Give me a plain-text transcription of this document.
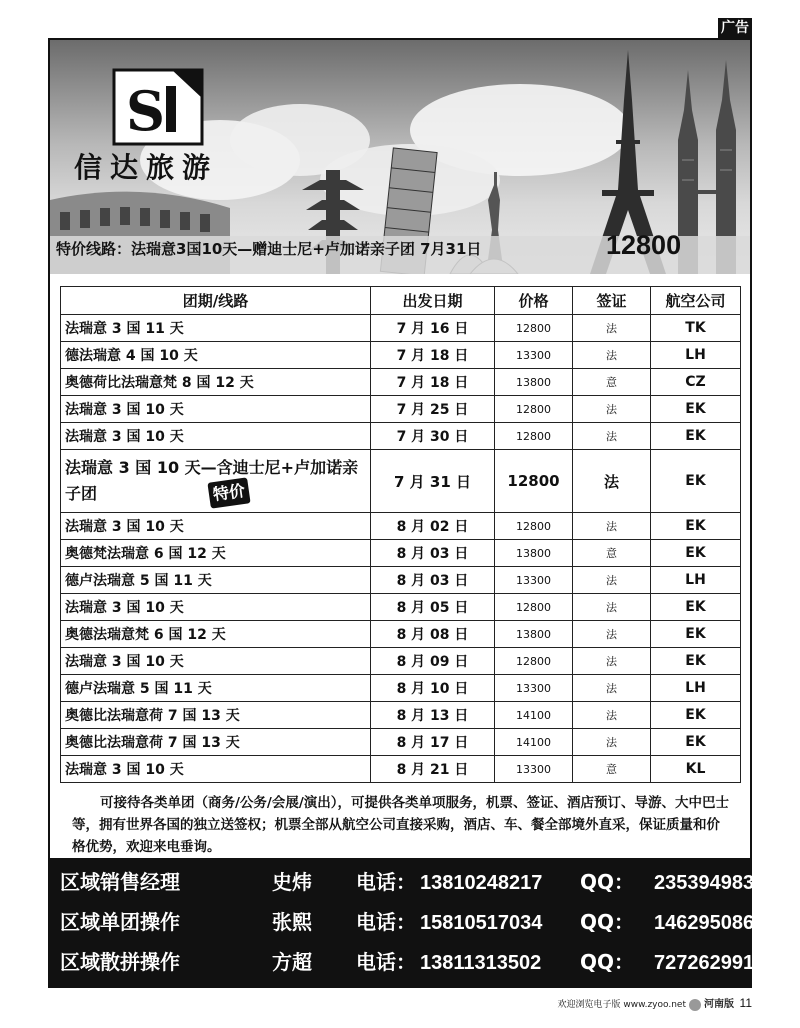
广告
S
信达旅游
特价线路：法瑞意3国10天—赠迪士尼+卢加诺亲子团 7月31日	12800
团期/线路	出发日期	价格	签证	航空公司
法瑞意 3 国 11 天	7 月 16 日	12800	法	TK
德法瑞意 4 国 10 天	7 月 18 日	13300	法	LH
奥德荷比法瑞意梵 8 国 12 天	7 月 18 日	13800	意	CZ
法瑞意 3 国 10 天	7 月 25 日	12800	法	EK
法瑞意 3 国 10 天	7 月 30 日	12800	法	EK
法瑞意 3 国 10 天—含迪士尼+卢加诺亲子团 特价	7 月 31 日	12800	法	EK
法瑞意 3 国 10 天	8 月 02 日	12800	法	EK
奥德梵法瑞意 6 国 12 天	8 月 03 日	13800	意	EK
德卢法瑞意 5 国 11 天	8 月 03 日	13300	法	LH
法瑞意 3 国 10 天	8 月 05 日	12800	法	EK
奥德法瑞意梵 6 国 12 天	8 月 08 日	13800	法	EK
法瑞意 3 国 10 天	8 月 09 日	12800	法	EK
德卢法瑞意 5 国 11 天	8 月 10 日	13300	法	LH
奥德比法瑞意荷 7 国 13 天	8 月 13 日	14100	法	EK
奥德比法瑞意荷 7 国 13 天	8 月 17 日	14100	法	EK
法瑞意 3 国 10 天	8 月 21 日	13300	意	KL
可接待各类单团（商务/公务/会展/演出），可提供各类单项服务，机票、签证、酒店预订、导游、大中巴士等，拥有世界各国的独立送签权；机票全部从航空公司直接采购，酒店、车、餐全部境外直采，保证质量和价格优势，欢迎来电垂询。
区域销售经理	史炜 电话： 13810248217 QQ： 2353949836
区域单团操作	张熙 电话： 15810517034 QQ： 1462950867
区域散拼操作	方超 电话： 13811313502 QQ： 727262991
欢迎浏览电子版 www.zyoo.net 河南版 11
